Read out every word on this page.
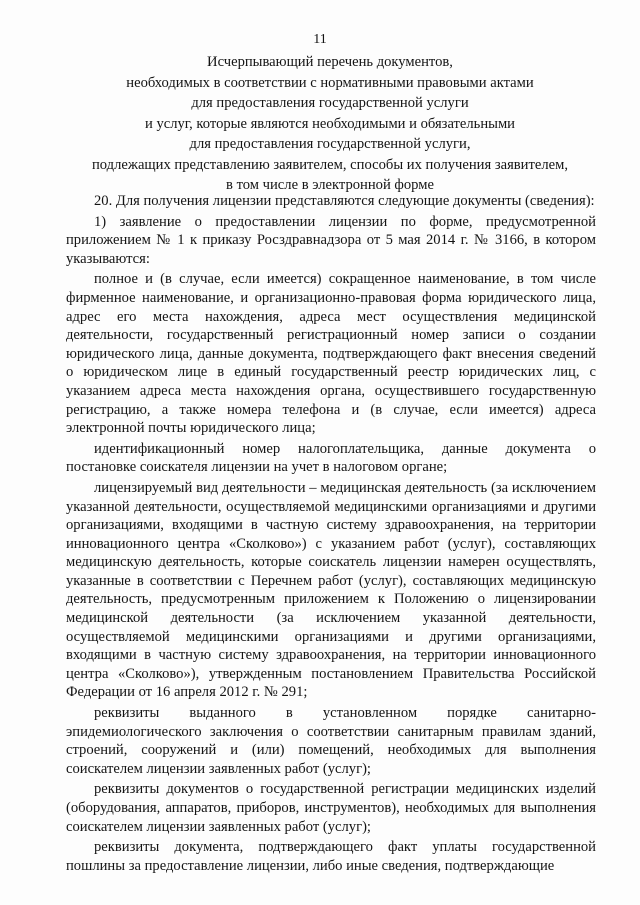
11
Исчерпывающий перечень документов,
необходимых в соответствии с нормативными правовыми актами
для предоставления государственной услуги
и услуг, которые являются необходимыми и обязательными
для предоставления государственной услуги,
подлежащих представлению заявителем, способы их получения заявителем,
в том числе в электронной форме

20. Для получения лицензии представляются следующие документы (сведения):

1) заявление о предоставлении лицензии по форме, предусмотренной приложением № 1 к приказу Росздравнадзора от 5 мая 2014 г. № 3166, в котором указываются:

полное и (в случае, если имеется) сокращенное наименование, в том числе фирменное наименование, и организационно-правовая форма юридического лица, адрес его места нахождения, адреса мест осуществления медицинской деятельности, государственный регистрационный номер записи о создании юридического лица, данные документа, подтверждающего факт внесения сведений о юридическом лице в единый государственный реестр юридических лиц, с указанием адреса места нахождения органа, осуществившего государственную регистрацию, а также номера телефона и (в случае, если имеется) адреса электронной почты юридического лица;

идентификационный номер налогоплательщика, данные документа о постановке соискателя лицензии на учет в налоговом органе;

лицензируемый вид деятельности – медицинская деятельность (за исключением указанной деятельности, осуществляемой медицинскими организациями и другими организациями, входящими в частную систему здравоохранения, на территории инновационного центра «Сколково») с указанием работ (услуг), составляющих медицинскую деятельность, которые соискатель лицензии намерен осуществлять, указанные в соответствии с Перечнем работ (услуг), составляющих медицинскую деятельность, предусмотренным приложением к Положению о лицензировании медицинской деятельности (за исключением указанной деятельности, осуществляемой медицинскими организациями и другими организациями, входящими в частную систему здравоохранения, на территории инновационного центра «Сколково»), утвержденным постановлением Правительства Российской Федерации от 16 апреля 2012 г. № 291;

реквизиты выданного в установленном порядке санитарно-эпидемиологического заключения о соответствии санитарным правилам зданий, строений, сооружений и (или) помещений, необходимых для выполнения соискателем лицензии заявленных работ (услуг);

реквизиты документов о государственной регистрации медицинских изделий (оборудования, аппаратов, приборов, инструментов), необходимых для выполнения соискателем лицензии заявленных работ (услуг);

реквизиты документа, подтверждающего факт уплаты государственной пошлины за предоставление лицензии, либо иные сведения, подтверждающие
